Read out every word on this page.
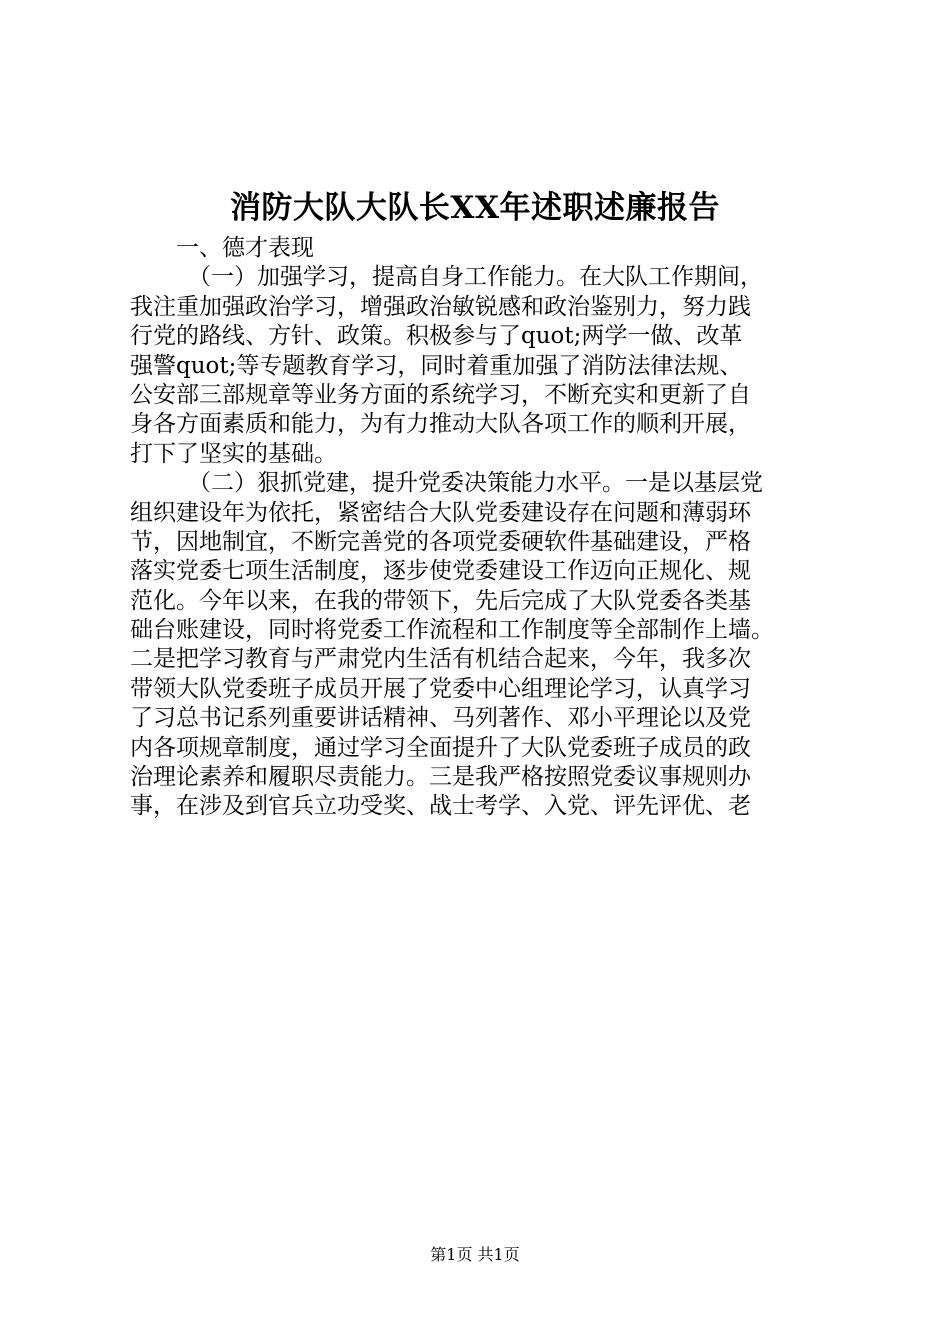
消防大队大队长XX年述职述廉报告
一、德才表现
（一）加强学习，提高自身工作能力。在大队工作期间，
我注重加强政治学习，增强政治敏锐感和政治鉴别力，努力践
行党的路线、方针、政策。积极参与了quot;两学一做、改革
强警quot;等专题教育学习，同时着重加强了消防法律法规、
公安部三部规章等业务方面的系统学习，不断充实和更新了自
身各方面素质和能力，为有力推动大队各项工作的顺利开展，
打下了坚实的基础。
（二）狠抓党建，提升党委决策能力水平。一是以基层党
组织建设年为依托，紧密结合大队党委建设存在问题和薄弱环
节，因地制宜，不断完善党的各项党委硬软件基础建设，严格
落实党委七项生活制度，逐步使党委建设工作迈向正规化、规
范化。今年以来，在我的带领下，先后完成了大队党委各类基
础台账建设，同时将党委工作流程和工作制度等全部制作上墙。
二是把学习教育与严肃党内生活有机结合起来，今年，我多次
带领大队党委班子成员开展了党委中心组理论学习，认真学习
了习总书记系列重要讲话精神、马列著作、邓小平理论以及党
内各项规章制度，通过学习全面提升了大队党委班子成员的政
治理论素养和履职尽责能力。三是我严格按照党委议事规则办
事，在涉及到官兵立功受奖、战士考学、入党、评先评优、老
第1页 共1页
